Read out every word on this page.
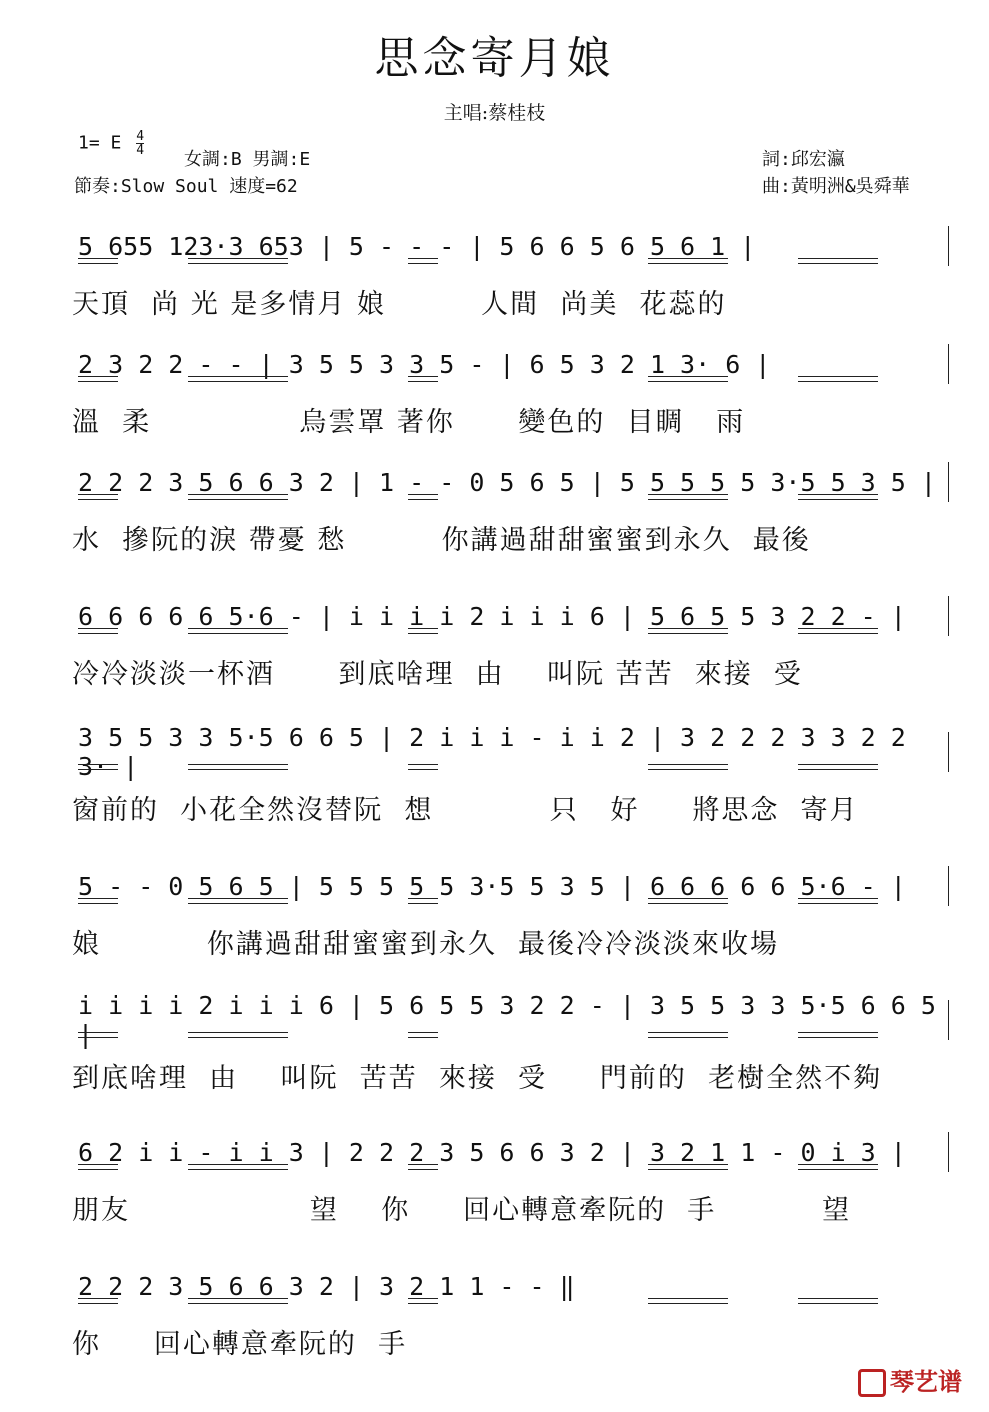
思念寄月娘
主唱:蔡桂枝
1= E $\frac{4}{4}$
女調:B 男調:E
節奏:Slow Soul 速度=62
詞:邱宏瀛
曲:黃明洲&吳舜華
5 655 123·3 653 | 5 - - - | 5 6 6 5 6 5 6 1 |
天頂  尚 光 是多情月 娘         人間  尚美  花蕊的
2 3 2 2 - - | 3 5 5 3 3 5 - | 6 5 3 2 1 3· 6 |
溫  柔              烏雲罩 著你      變色的  目睭   雨
2 2 2 3 5 6 6 3 2 | 1 - - 0 5 6 5 | 5 5 5 5 5 3·5 5 3 5 |
水  摻阮的淚 帶憂 愁         你講過甜甜蜜蜜到永久  最後
6 6 6 6 6 5·6 - | i i i i 2 i i i 6 | 5 6 5 5 3 2 2 - |
冷冷淡淡一杯酒      到底啥理  由    叫阮 苦苦  來接  受
3 5 5 3 3 5·5 6 6 5 | 2 i i i - i i 2 | 3 2 2 2 3 3 2 2 3· |
窗前的  小花全然沒替阮  想           只   好     將思念  寄月
5 - - 0 5 6 5 | 5 5 5 5 5 3·5 5 3 5 | 6 6 6 6 6 5·6 - |
娘          你講過甜甜蜜蜜到永久  最後冷冷淡淡來收場
i i i i 2 i i i 6 | 5 6 5 5 3 2 2 - | 3 5 5 3 3 5·5 6 6 5 |
到底啥理  由    叫阮  苦苦  來接  受     門前的  老樹全然不夠
6 2 i i - i i 3 | 2 2 2 3 5 6 6 3 2 | 3 2 1 1 - 0 i 3 |
朋友                 望    你     回心轉意牽阮的  手          望
2 2 2 3 5 6 6 3 2 | 3 2 1 1 - - ‖
你     回心轉意牽阮的  手
琴艺谱
